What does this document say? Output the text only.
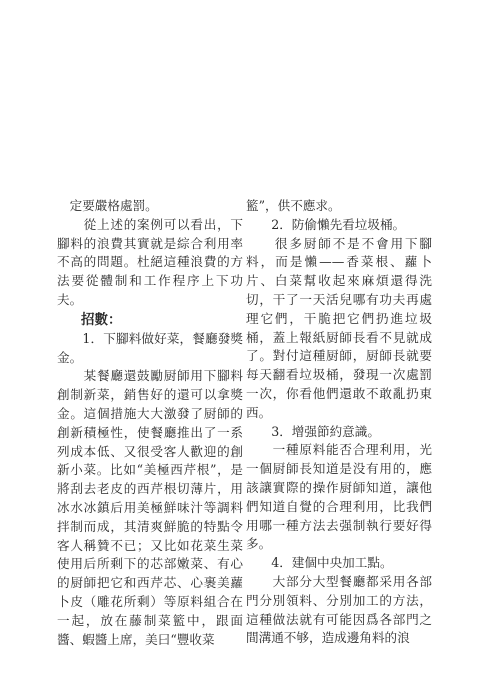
　定要嚴格處罰。

　　從上述的案例可以看出，下腳料的浪費其實就是綜合利用率不高的問題。杜絕這種浪費的方法要從體制和工作程序上下功夫。

招數：

　　1．下腳料做好菜，餐廳發獎金。

　　某餐廳還鼓勵厨師用下腳料創制新菜，銷售好的還可以拿獎金。這個措施大大激發了厨師的創新積極性，使餐廳推出了一系列成本低、又很受客人歡迎的創新小菜。比如“美極西芹根”，是將刮去老皮的西芹根切薄片，用冰水冰鎮后用美極鮮味汁等調料拌制而成，其清爽鮮脆的特點令客人稱贊不已；又比如花菜生菜使用后所剩下的芯部嫩菜、有心的厨師把它和西芹芯、心裹美蘿卜皮（雕花所剩）等原料組合在一起，放在藤制菜籃中，跟面醬、蝦醬上席，美曰“豐收菜

籃”，供不應求。

　　2．防偷懶先看垃圾桶。

　　很多厨師不是不會用下腳料，而是懶——香菜根、蘿卜片、白菜幫收起來麻煩還得洗切，干了一天活兒哪有功夫再處理它們，干脆把它們扔進垃圾桶，蓋上報紙厨師長看不見就成了。對付這種厨師，厨師長就要每天翻看垃圾桶，發現一次處罰一次，你看他們還敢不敢亂扔東西。

　　3．增强節約意識。

　　一種原料能否合理利用，光一個厨師長知道是没有用的，應該讓實際的操作厨師知道，讓他們知道自覺的合理利用，比我們用哪一種方法去强制執行要好得多。

　　4．建個中央加工點。

　　大部分大型餐廳都采用各部門分別領料、分別加工的方法，這種做法就有可能因爲各部門之間溝通不够，造成邊角料的浪
